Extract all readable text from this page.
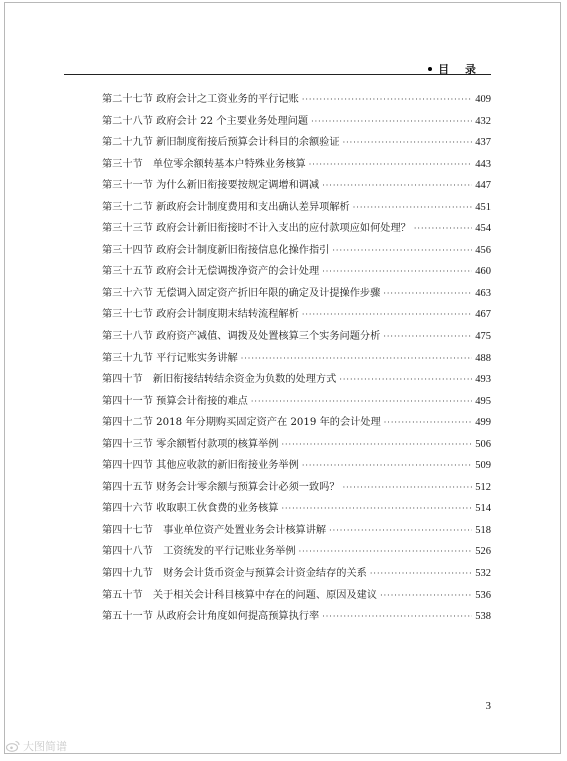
目 录
第二十七节 政府会计之工资业务的平行记账 ·····	409
第二十八节 政府会计 22 个主要业务处理问题 ·····	432
第二十九节 新旧制度衔接后预算会计科目的余额验证 ·····	437
第三十节　单位零余额转基本户特殊业务核算 ·····	443
第三十一节 为什么新旧衔接要按规定调增和调减 ·····	447
第三十二节 新政府会计制度费用和支出确认差异项解析 ·····	451
第三十三节 政府会计新旧衔接时不计入支出的应付款项应如何处理？ ·····	454
第三十四节 政府会计制度新旧衔接信息化操作指引 ·····	456
第三十五节 政府会计无偿调拨净资产的会计处理 ·····	460
第三十六节 无偿调入固定资产折旧年限的确定及计提操作步骤 ·····	463
第三十七节 政府会计制度期末结转流程解析 ·····	467
第三十八节 政府资产减值、调拨及处置核算三个实务问题分析 ·····	475
第三十九节 平行记账实务讲解 ·····	488
第四十节　新旧衔接结转结余资金为负数的处理方式 ·····	493
第四十一节 预算会计衔接的难点 ·····	495
第四十二节 2018 年分期购买固定资产在 2019 年的会计处理 ·····	499
第四十三节 零余额暂付款项的核算举例 ·····	506
第四十四节 其他应收款的新旧衔接业务举例 ·····	509
第四十五节 财务会计零余额与预算会计必须一致吗？ ·····	512
第四十六节 收取职工伙食费的业务核算 ·····	514
第四十七节　事业单位资产处置业务会计核算讲解 ·····	518
第四十八节　工资统发的平行记账业务举例 ·····	526
第四十九节　财务会计货币资金与预算会计资金结存的关系 ·····	532
第五十节　关于相关会计科目核算中存在的问题、原因及建议 ·····	536
第五十一节 从政府会计角度如何提高预算执行率 ·····	538
3
大图简谱
